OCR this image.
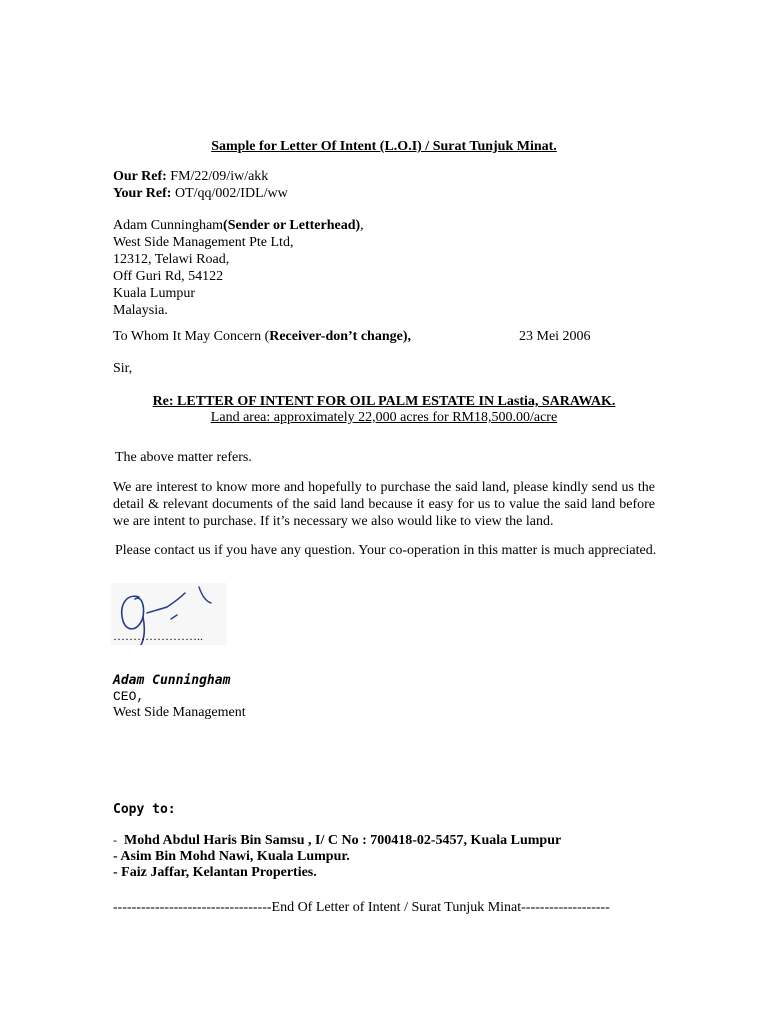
Sample for Letter Of Intent (L.O.I) / Surat Tunjuk Minat.
Our Ref: FM/22/09/iw/akk
Your Ref: OT/qq/002/IDL/ww
Adam Cunningham(Sender or Letterhead),
West Side Management Pte Ltd,
12312, Telawi Road,
Off Guri Rd, 54122
Kuala Lumpur
Malaysia.
To Whom It May Concern (Receiver-don’t change),	23 Mei 2006
Sir,
Re: LETTER OF INTENT FOR OIL PALM ESTATE IN Lastia, SARAWAK.
Land area: approximately 22,000 acres for RM18,500.00/acre
The above matter refers.
We are interest to know more and hopefully to purchase the said land, please kindly send us the detail & relevant documents of the said land because it easy for us to value the said land before we are intent to purchase. If it’s necessary we also would like to view the land.
Please contact us if you have any question. Your co-operation in this matter is much appreciated.
…………………..
Adam Cunningham
CEO,
West Side Management
Copy to:
- Mohd Abdul Haris Bin Samsu , I/ C No : 700418-02-5457, Kuala Lumpur
- Asim Bin Mohd Nawi, Kuala Lumpur.
- Faiz Jaffar, Kelantan Properties.
----------------------------------End Of Letter of Intent / Surat Tunjuk Minat-------------------
